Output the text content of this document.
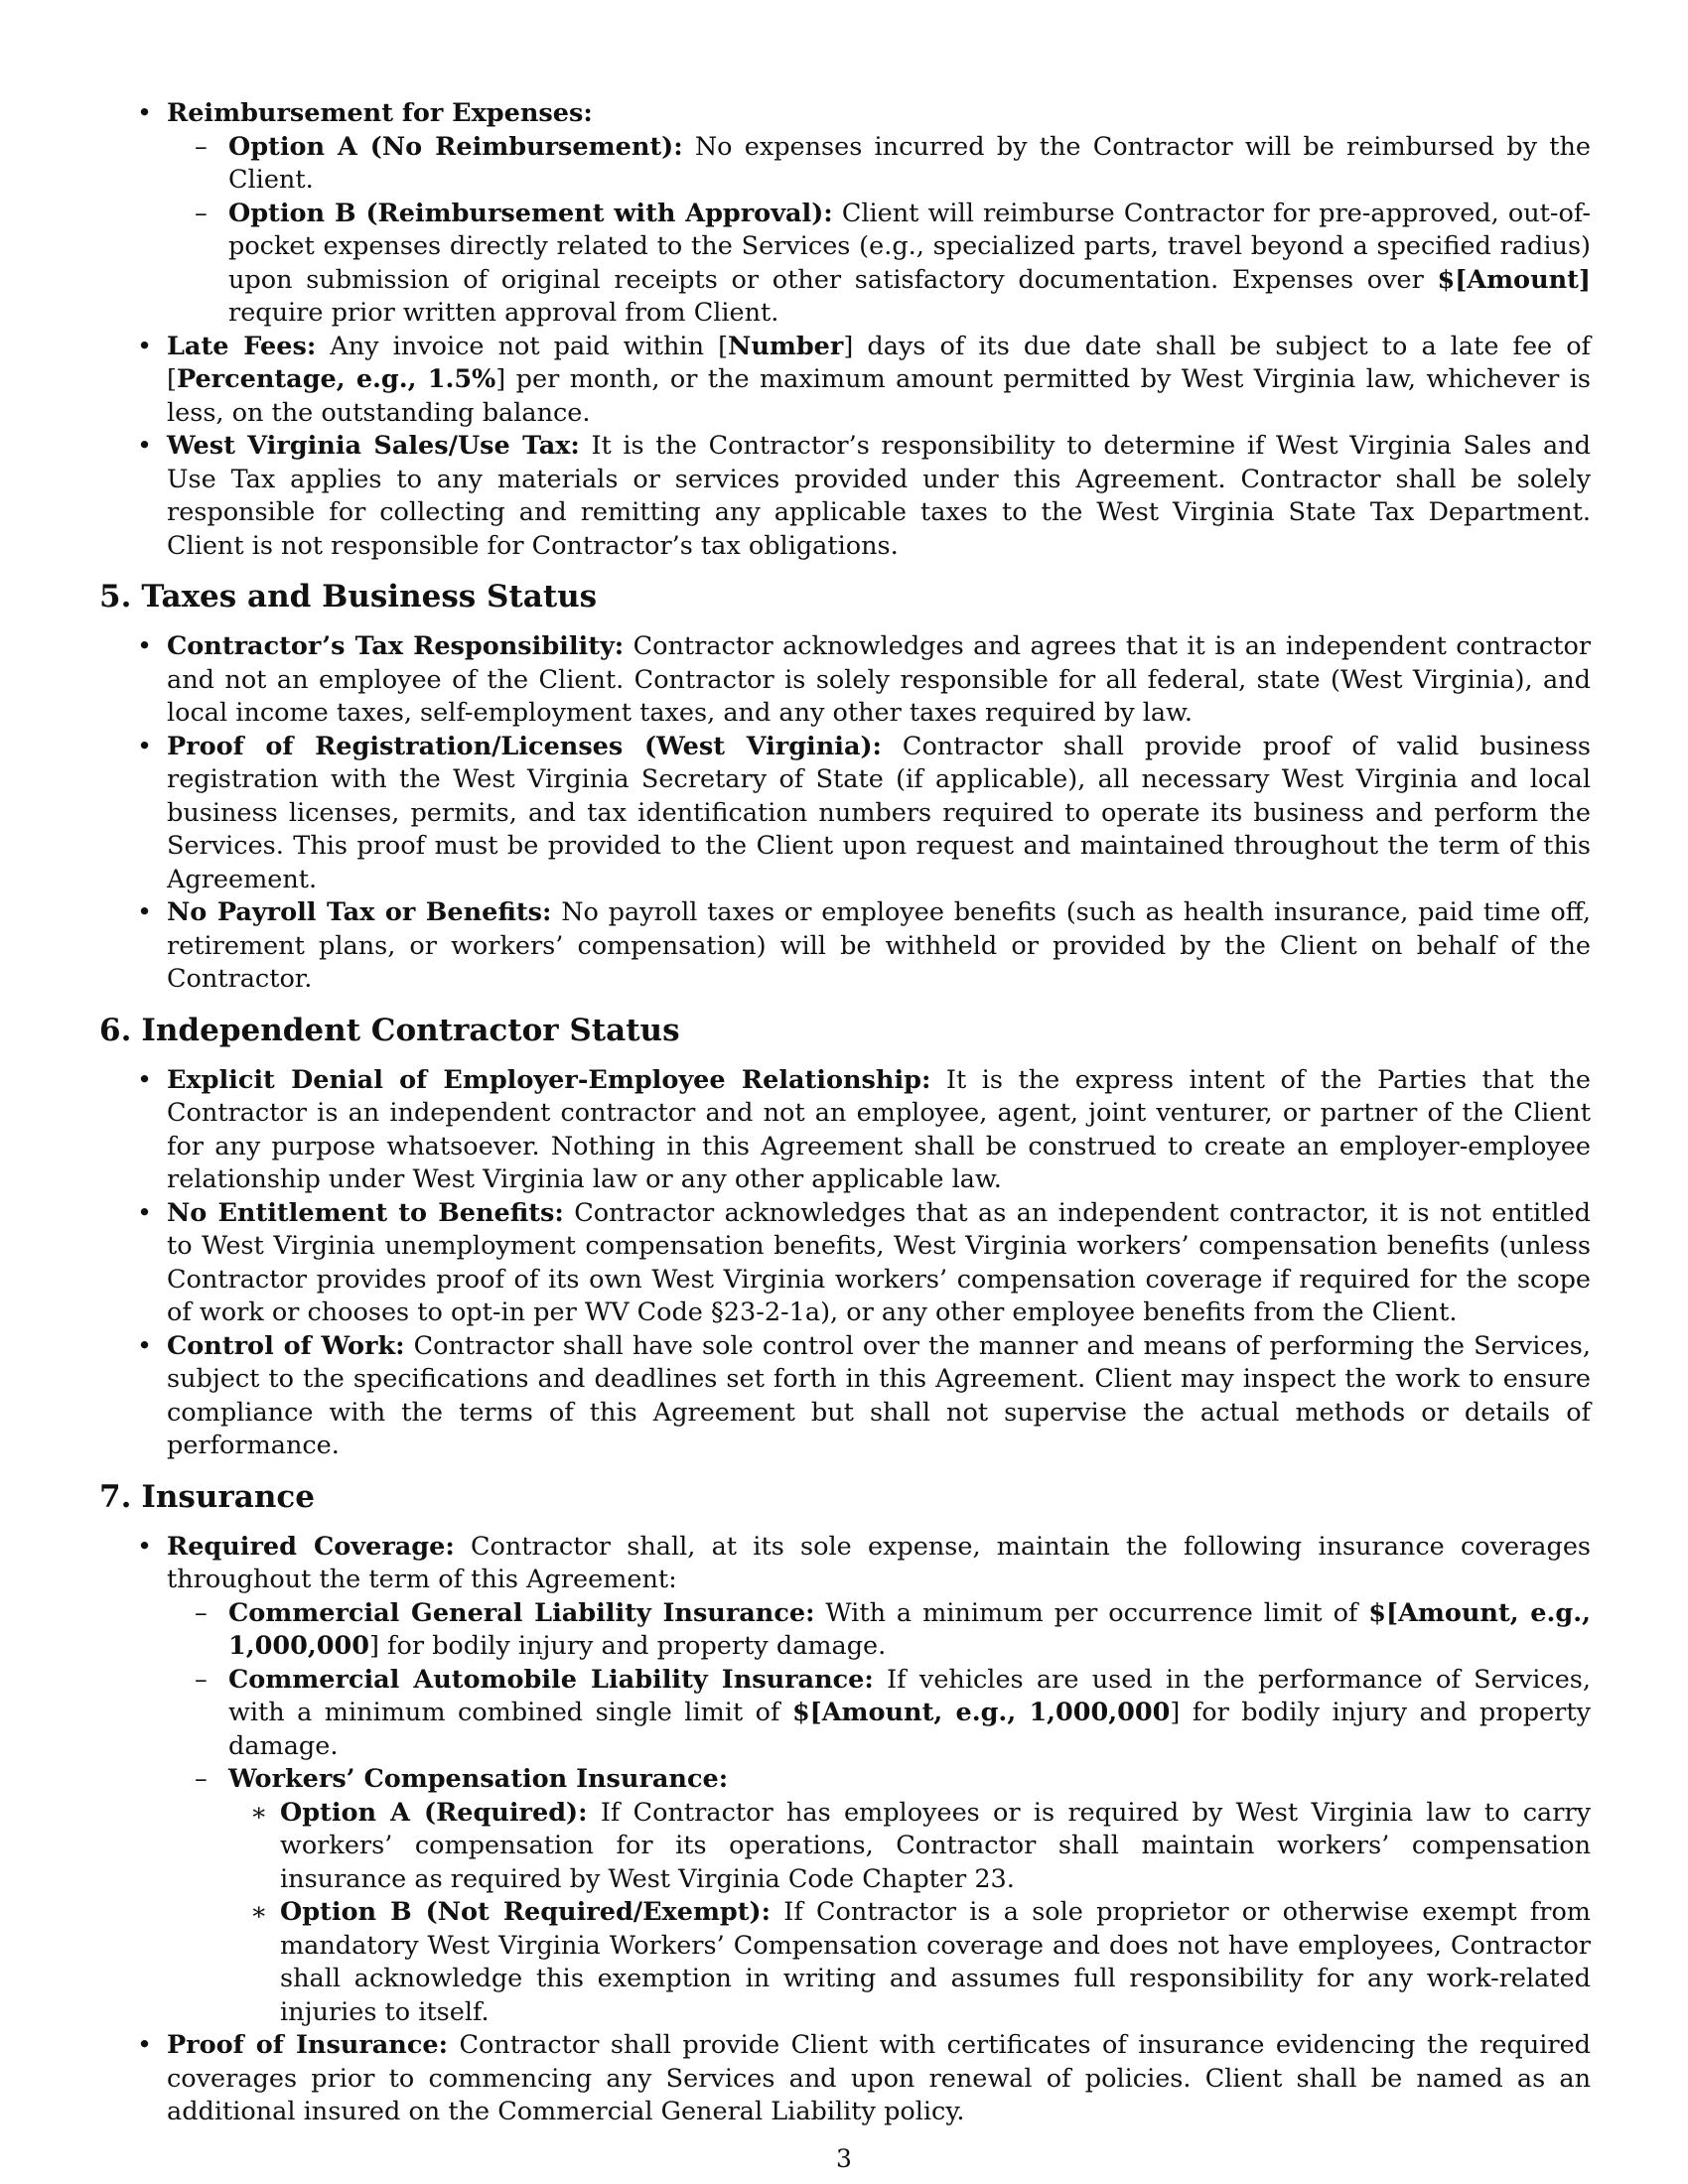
• Reimbursement for Expenses:

– Option A (No Reimbursement): No expenses incurred by the Contractor will be reimbursed by the Client.

– Option B (Reimbursement with Approval): Client will reimburse Contractor for pre-approved, out-of-pocket expenses directly related to the Services (e.g., specialized parts, travel beyond a specified radius) upon submission of original receipts or other satisfactory documentation. Expenses over $[Amount] require prior written approval from Client.

• Late Fees: Any invoice not paid within [Number] days of its due date shall be subject to a late fee of [Percentage, e.g., 1.5%] per month, or the maximum amount permitted by West Virginia law, whichever is less, on the outstanding balance.

• West Virginia Sales/Use Tax: It is the Contractor’s responsibility to determine if West Virginia Sales and Use Tax applies to any materials or services provided under this Agreement. Contractor shall be solely responsible for collecting and remitting any applicable taxes to the West Virginia State Tax Department. Client is not responsible for Contractor’s tax obligations.

5. Taxes and Business Status
• Contractor’s Tax Responsibility: Contractor acknowledges and agrees that it is an independent contractor and not an employee of the Client. Contractor is solely responsible for all federal, state (West Virginia), and local income taxes, self-employment taxes, and any other taxes required by law.

• Proof of Registration/Licenses (West Virginia): Contractor shall provide proof of valid business registration with the West Virginia Secretary of State (if applicable), all necessary West Virginia and local business licenses, permits, and tax identification numbers required to operate its business and perform the Services. This proof must be provided to the Client upon request and maintained throughout the term of this Agreement.

• No Payroll Tax or Benefits: No payroll taxes or employee benefits (such as health insurance, paid time off, retirement plans, or workers’ compensation) will be withheld or provided by the Client on behalf of the Contractor.

6. Independent Contractor Status
• Explicit Denial of Employer-Employee Relationship: It is the express intent of the Parties that the Contractor is an independent contractor and not an employee, agent, joint venturer, or partner of the Client for any purpose whatsoever. Nothing in this Agreement shall be construed to create an employer-employee relationship under West Virginia law or any other applicable law.

• No Entitlement to Benefits: Contractor acknowledges that as an independent contractor, it is not entitled to West Virginia unemployment compensation benefits, West Virginia workers’ compensation benefits (unless Contractor provides proof of its own West Virginia workers’ compensation coverage if required for the scope of work or chooses to opt-in per WV Code §23-2-1a), or any other employee benefits from the Client.

• Control of Work: Contractor shall have sole control over the manner and means of performing the Services, subject to the specifications and deadlines set forth in this Agreement. Client may inspect the work to ensure compliance with the terms of this Agreement but shall not supervise the actual methods or details of performance.

7. Insurance
• Required Coverage: Contractor shall, at its sole expense, maintain the following insurance coverages throughout the term of this Agreement:

– Commercial General Liability Insurance: With a minimum per occurrence limit of $[Amount, e.g., 1,000,000] for bodily injury and property damage.

– Commercial Automobile Liability Insurance: If vehicles are used in the performance of Services, with a minimum combined single limit of $[Amount, e.g., 1,000,000] for bodily injury and property damage.

– Workers’ Compensation Insurance:

∗ Option A (Required): If Contractor has employees or is required by West Virginia law to carry workers’ compensation for its operations, Contractor shall maintain workers’ compensation insurance as required by West Virginia Code Chapter 23.

∗ Option B (Not Required/Exempt): If Contractor is a sole proprietor or otherwise exempt from mandatory West Virginia Workers’ Compensation coverage and does not have employees, Contractor shall acknowledge this exemption in writing and assumes full responsibility for any work-related injuries to itself.

• Proof of Insurance: Contractor shall provide Client with certificates of insurance evidencing the required coverages prior to commencing any Services and upon renewal of policies. Client shall be named as an additional insured on the Commercial General Liability policy.

3
